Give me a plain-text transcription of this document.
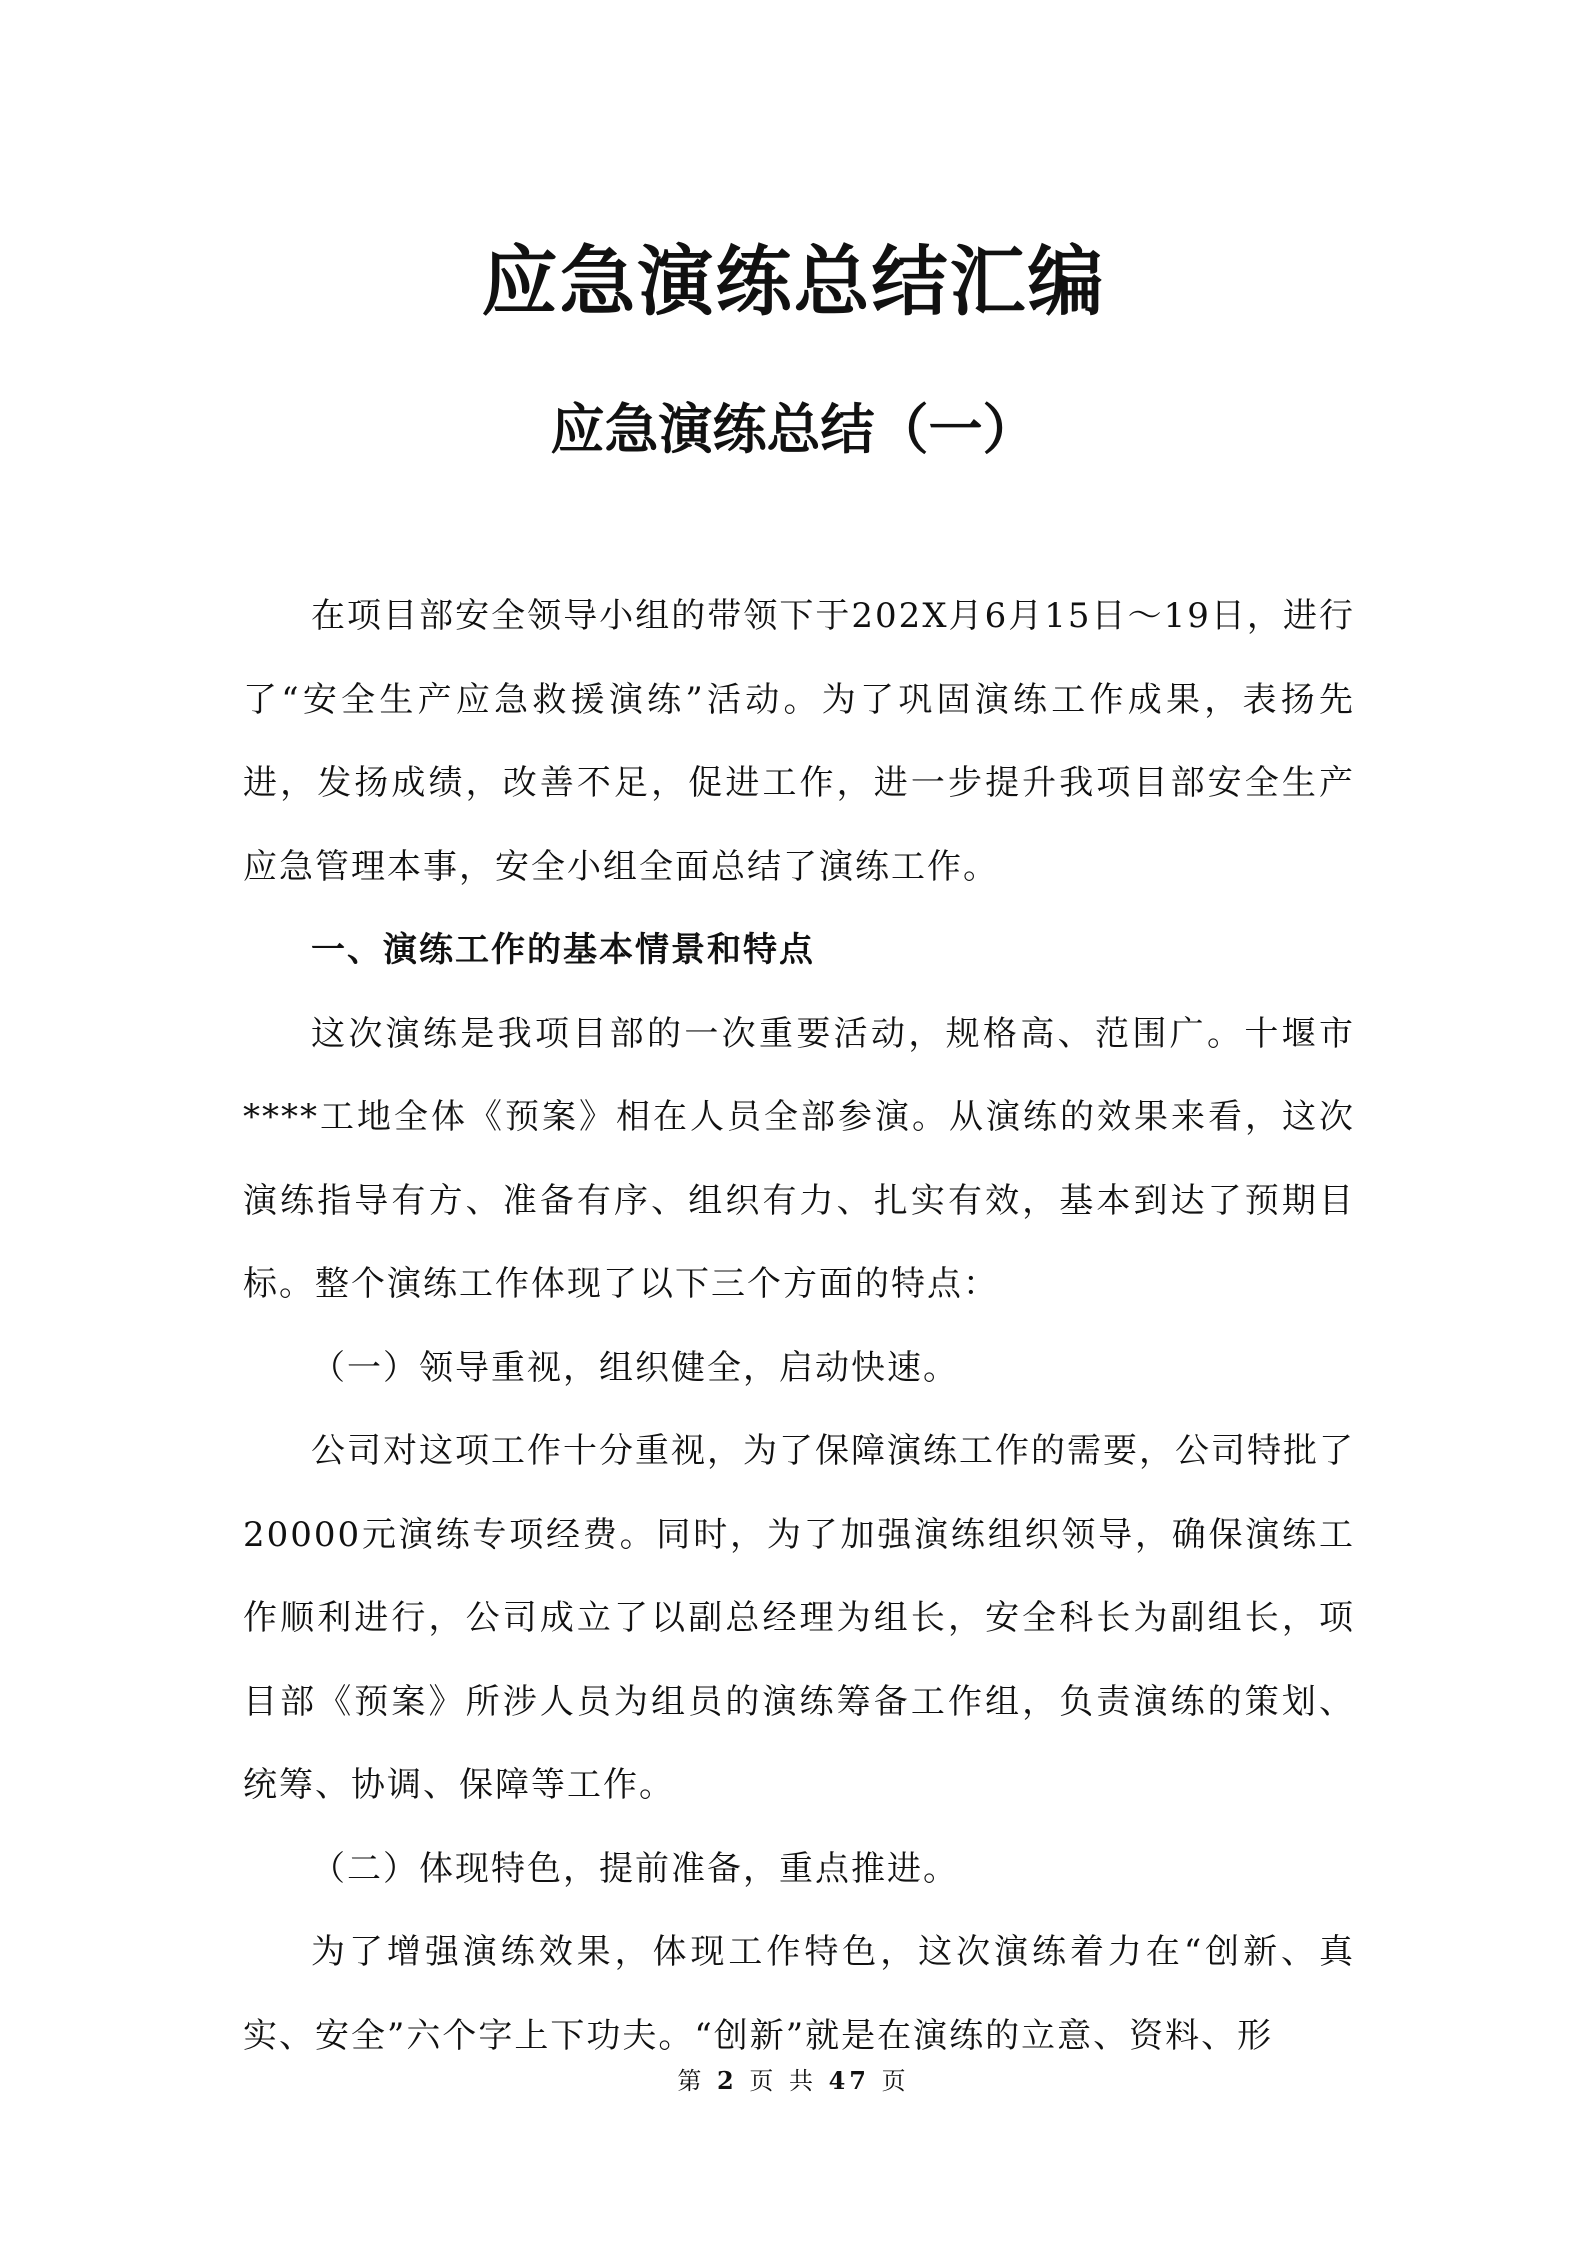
应急演练总结汇编
应急演练总结（一）

在项目部安全领导小组的带领下于202X月6月15日～19日，进行了“安全生产应急救援演练”活动。为了巩固演练工作成果，表扬先进，发扬成绩，改善不足，促进工作，进一步提升我项目部安全生产应急管理本事，安全小组全面总结了演练工作。

一、演练工作的基本情景和特点

这次演练是我项目部的一次重要活动，规格高、范围广。十堰市****工地全体《预案》相在人员全部参演。从演练的效果来看，这次演练指导有方、准备有序、组织有力、扎实有效，基本到达了预期目标。整个演练工作体现了以下三个方面的特点：

（一）领导重视，组织健全，启动快速。

公司对这项工作十分重视，为了保障演练工作的需要，公司特批了20000元演练专项经费。同时，为了加强演练组织领导，确保演练工作顺利进行，公司成立了以副总经理为组长，安全科长为副组长，项目部《预案》所涉人员为组员的演练筹备工作组，负责演练的策划、统筹、协调、保障等工作。

（二）体现特色，提前准备，重点推进。

为了增强演练效果，体现工作特色，这次演练着力在“创新、真实、安全”六个字上下功夫。“创新”就是在演练的立意、资料、形

第 2 页 共 47 页
